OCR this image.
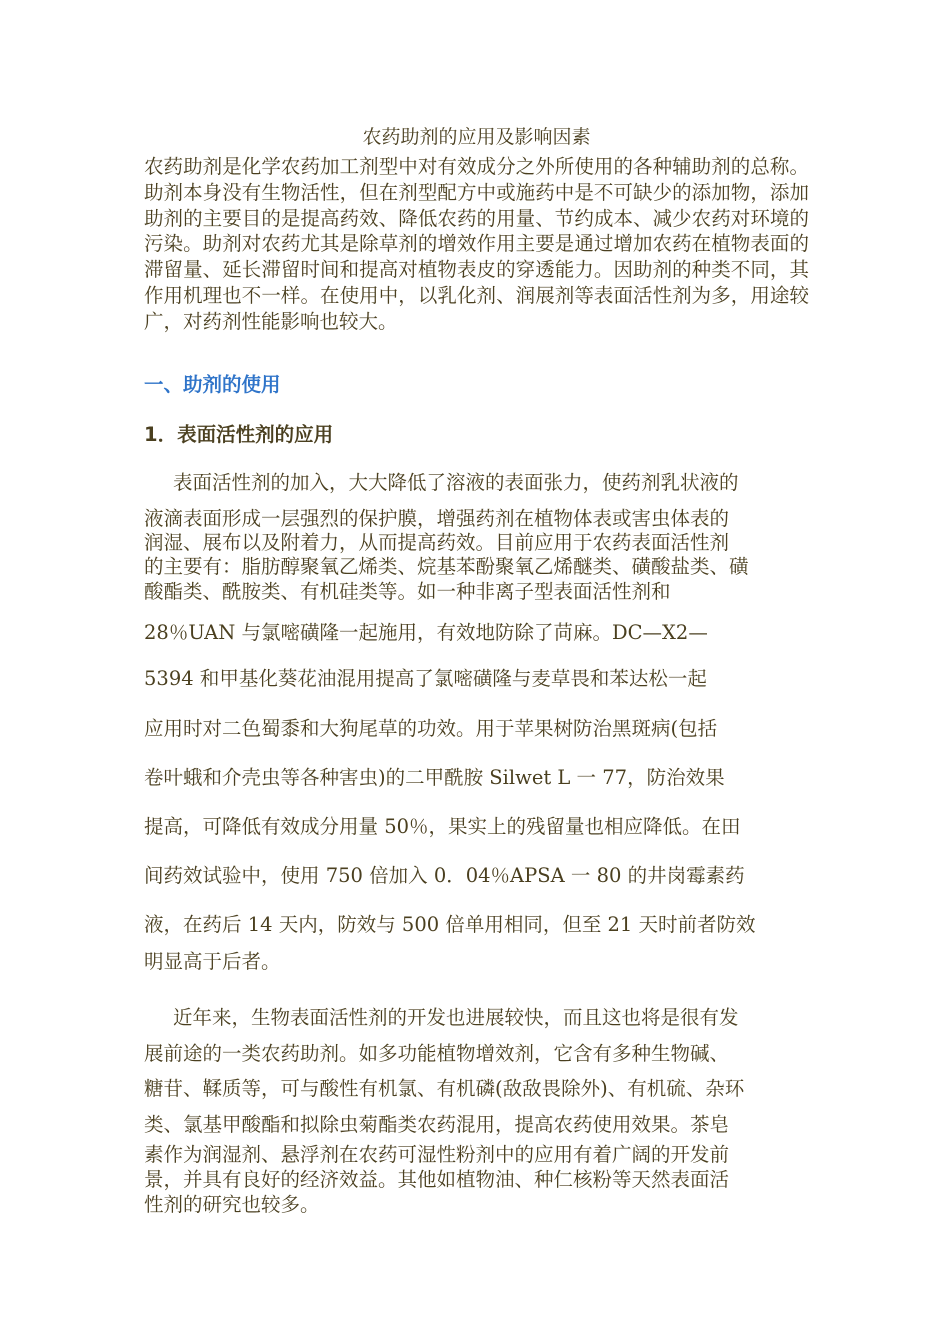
农药助剂的应用及影响因素

农药助剂是化学农药加工剂型中对有效成分之外所使用的各种辅助剂的总称。助剂本身没有生物活性，但在剂型配方中或施药中是不可缺少的添加物，添加助剂的主要目的是提高药效、降低农药的用量、节约成本、减少农药对环境的污染。助剂对农药尤其是除草剂的增效作用主要是通过增加农药在植物表面的滞留量、延长滞留时间和提高对植物表皮的穿透能力。因助剂的种类不同，其作用机理也不一样。在使用中，以乳化剂、润展剂等表面活性剂为多，用途较广，对药剂性能影响也较大。

一、助剂的使用
1．表面活性剂的应用
表面活性剂的加入，大大降低了溶液的表面张力，使药剂乳状液的
液滴表面形成一层强烈的保护膜，增强药剂在植物体表或害虫体表的
润湿、展布以及附着力，从而提高药效。目前应用于农药表面活性剂
的主要有：脂肪醇聚氧乙烯类、烷基苯酚聚氧乙烯醚类、磺酸盐类、磺
酸酯类、酰胺类、有机硅类等。如一种非离子型表面活性剂和
28％UAN 与氯嘧磺隆一起施用，有效地防除了苘麻。DC—X2—
5394 和甲基化葵花油混用提高了氯嘧磺隆与麦草畏和苯达松一起
应用时对二色蜀黍和大狗尾草的功效。用于苹果树防治黑斑病(包括
卷叶蛾和介壳虫等各种害虫)的二甲酰胺 Silwet L 一 77，防治效果
提高，可降低有效成分用量 50％，果实上的残留量也相应降低。在田
间药效试验中，使用 750 倍加入 0．04％APSA 一 80 的井岗霉素药
液，在药后 14 天内，防效与 500 倍单用相同，但至 21 天时前者防效
明显高于后者。
近年来，生物表面活性剂的开发也进展较快，而且这也将是很有发
展前途的一类农药助剂。如多功能植物增效剂，它含有多种生物碱、
糖苷、鞣质等，可与酸性有机氯、有机磷(敌敌畏除外)、有机硫、杂环
类、氯基甲酸酯和拟除虫菊酯类农药混用，提高农药使用效果。茶皂
素作为润湿剂、悬浮剂在农药可湿性粉剂中的应用有着广阔的开发前
景，并具有良好的经济效益。其他如植物油、种仁核粉等天然表面活
性剂的研究也较多。
